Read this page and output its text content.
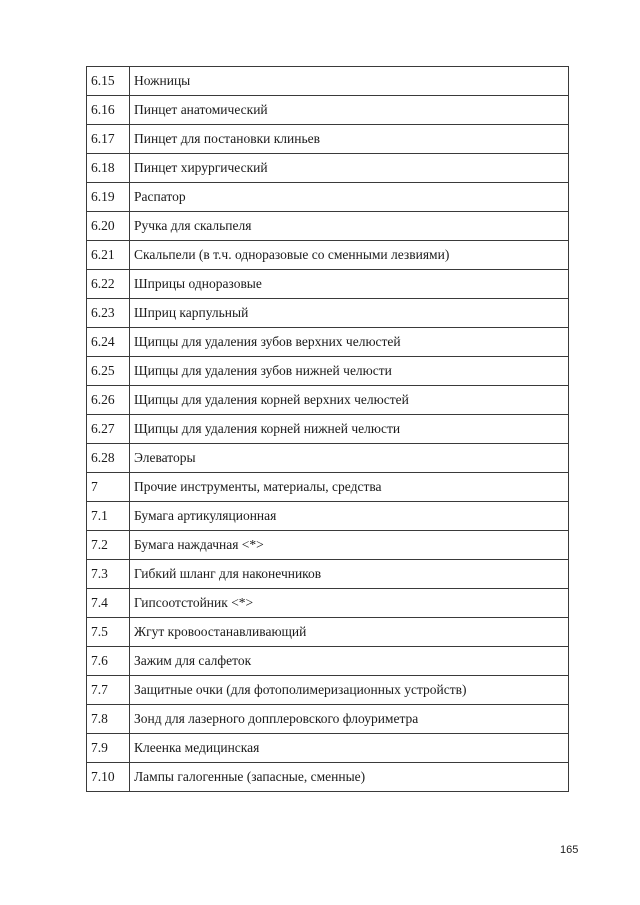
6.15	Ножницы
6.16	Пинцет анатомический
6.17	Пинцет для постановки клиньев
6.18	Пинцет хирургический
6.19	Распатор
6.20	Ручка для скальпеля
6.21	Скальпели (в т.ч. одноразовые со сменными лезвиями)
6.22	Шприцы одноразовые
6.23	Шприц карпульный
6.24	Щипцы для удаления зубов верхних челюстей
6.25	Щипцы для удаления зубов нижней челюсти
6.26	Щипцы для удаления корней верхних челюстей
6.27	Щипцы для удаления корней нижней челюсти
6.28	Элеваторы
7	Прочие инструменты, материалы, средства
7.1	Бумага артикуляционная
7.2	Бумага наждачная <*>
7.3	Гибкий шланг для наконечников
7.4	Гипсоотстойник <*>
7.5	Жгут кровоостанавливающий
7.6	Зажим для салфеток
7.7	Защитные очки (для фотополимеризационных устройств)
7.8	Зонд для лазерного допплеровского флоуриметра
7.9	Клеенка медицинская
7.10	Лампы галогенные (запасные, сменные)
165
